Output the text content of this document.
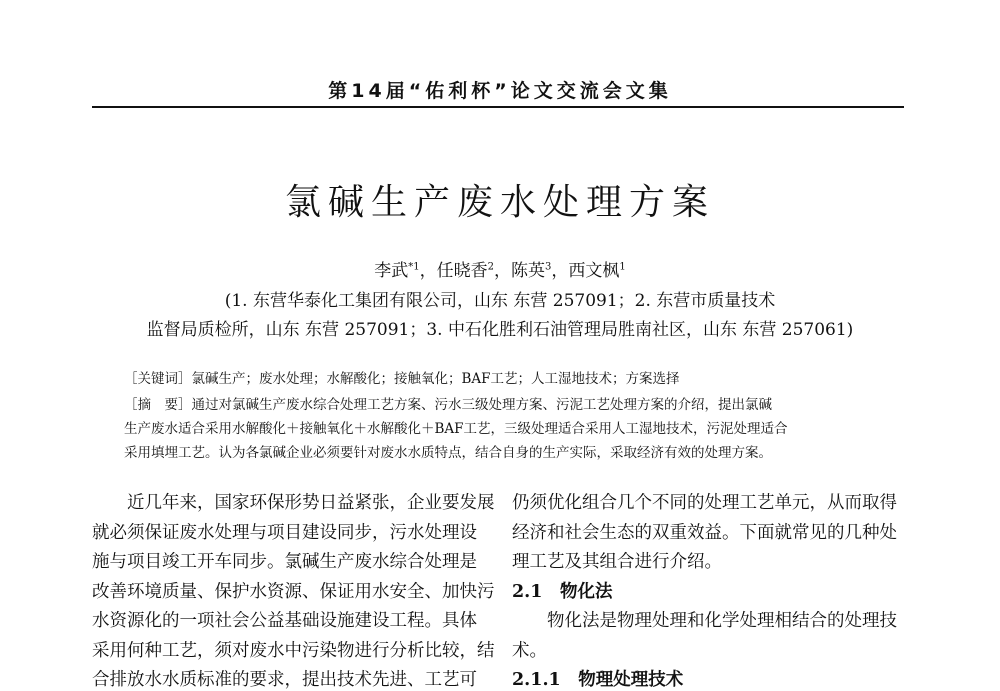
第14届“佑利杯”论文交流会文集
氯碱生产废水处理方案
李武$^{*1}$，任晓香$^2$，陈英$^3$，西文枫$^1$
(1. 东营华泰化工集团有限公司，山东 东营 257091；2. 东营市质量技术
监督局质检所，山东 东营 257091；3. 中石化胜利石油管理局胜南社区，山东 东营 257061)
［关键词］氯碱生产；废水处理；水解酸化；接触氧化；BAF工艺；人工湿地技术；方案选择
［摘　要］通过对氯碱生产废水综合处理工艺方案、污水三级处理方案、污泥工艺处理方案的介绍，提出氯碱
生产废水适合采用水解酸化＋接触氧化＋水解酸化＋BAF工艺，三级处理适合采用人工湿地技术，污泥处理适合
采用填埋工艺。认为各氯碱企业必须要针对废水水质特点，结合自身的生产实际，采取经济有效的处理方案。
　　近几年来，国家环保形势日益紧张，企业要发展
就必须保证废水处理与项目建设同步，污水处理设
施与项目竣工开车同步。氯碱生产废水综合处理是
改善环境质量、保护水资源、保证用水安全、加快污
水资源化的一项社会公益基础设施建设工程。具体
采用何种工艺，须对废水中污染物进行分析比较，结
合排放水水质标准的要求，提出技术先进、工艺可
仍须优化组合几个不同的处理工艺单元，从而取得
经济和社会生态的双重效益。下面就常见的几种处
理工艺及其组合进行介绍。
2.1　物化法
　　物化法是物理处理和化学处理相结合的处理技
术。
2.1.1　物理处理技术
